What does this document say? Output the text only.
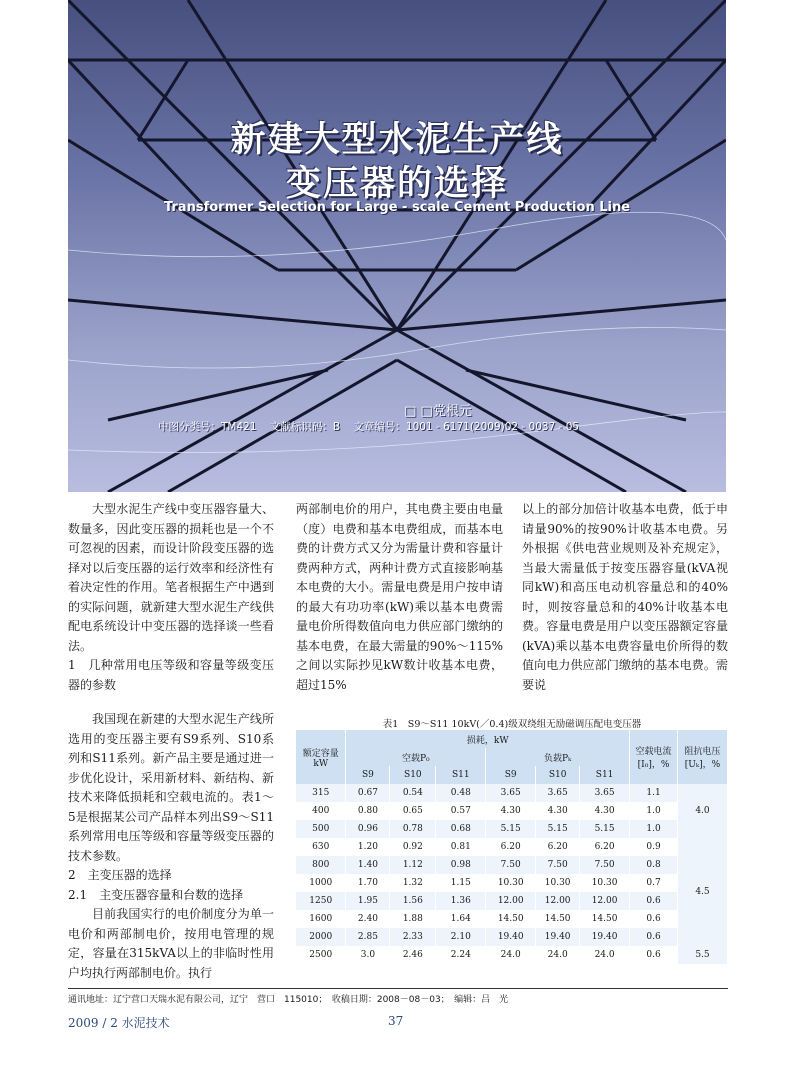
新建大型水泥生产线
变压器的选择
Transformer Selection for Large - scale Cement Production Line
□ □党根元
中图分类号：TM421 文献标识码：B 文章编号：1001 - 6171(2009)02 - 0037 - 05

大型水泥生产线中变压器容量大、数量多，因此变压器的损耗也是一个不可忽视的因素，而设计阶段变压器的选择对以后变压器的运行效率和经济性有着决定性的作用。笔者根据生产中遇到的实际问题，就新建大型水泥生产线供配电系统设计中变压器的选择谈一些看法。

1　几种常用电压等级和容量等级变压器的参数

我国现在新建的大型水泥生产线所选用的变压器主要有S9系列、S10系列和S11系列。新产品主要是通过进一步优化设计，采用新材料、新结构、新技术来降低损耗和空载电流的。表1～5是根据某公司产品样本列出S9～S11系列常用电压等级和容量等级变压器的技术参数。

2　主变压器的选择

2.1　主变压器容量和台数的选择

目前我国实行的电价制度分为单一电价和两部制电价，按用电管理的规定，容量在315kVA以上的非临时性用户均执行两部制电价。执行

两部制电价的用户，其电费主要由电量（度）电费和基本电费组成，而基本电费的计费方式又分为需量计费和容量计费两种方式，两种计费方式直接影响基本电费的大小。需量电费是用户按申请的最大有功功率(kW)乘以基本电费需量电价所得数值向电力供应部门缴纳的基本电费，在最大需量的90%～115%之间以实际抄见kW数计收基本电费，超过15%

以上的部分加倍计收基本电费，低于申请量90%的按90%计收基本电费。另外根据《供电营业规则及补充规定》，当最大需量低于按变压器容量(kVA视同kW)和高压电动机容量总和的40%时，则按容量总和的40%计收基本电费。容量电费是用户以变压器额定容量(kVA)乘以基本电费容量电价所得的数值向电力供应部门缴纳的基本电费。需要说

表1　S9～S11 10kV(／0.4)级双绕组无励磁调压配电变压器
额定容量
kW	损耗，kW						空载电流
[I₀]，%	阻抗电压
[Uₖ]，%
	空载P₀			负载Pₖ				
	S9	S10	S11	S9	S10	S11		
315	0.67	0.54	0.48	3.65	3.65	3.65	1.1	4.0
400	0.80	0.65	0.57	4.30	4.30	4.30	1.0	
500	0.96	0.78	0.68	5.15	5.15	5.15	1.0	
630	1.20	0.92	0.81	6.20	6.20	6.20	0.9	4.5
800	1.40	1.12	0.98	7.50	7.50	7.50	0.8	
1000	1.70	1.32	1.15	10.30	10.30	10.30	0.7	
1250	1.95	1.56	1.36	12.00	12.00	12.00	0.6	
1600	2.40	1.88	1.64	14.50	14.50	14.50	0.6	
2000	2.85	2.33	2.10	19.40	19.40	19.40	0.6	
2500	3.0	2.46	2.24	24.0	24.0	24.0	0.6	5.5
通讯地址：辽宁营口天瑞水泥有限公司，辽宁　营口　115010；　收稿日期：2008－08－03；　编辑：吕　光
2009 / 2 水泥技术	37
